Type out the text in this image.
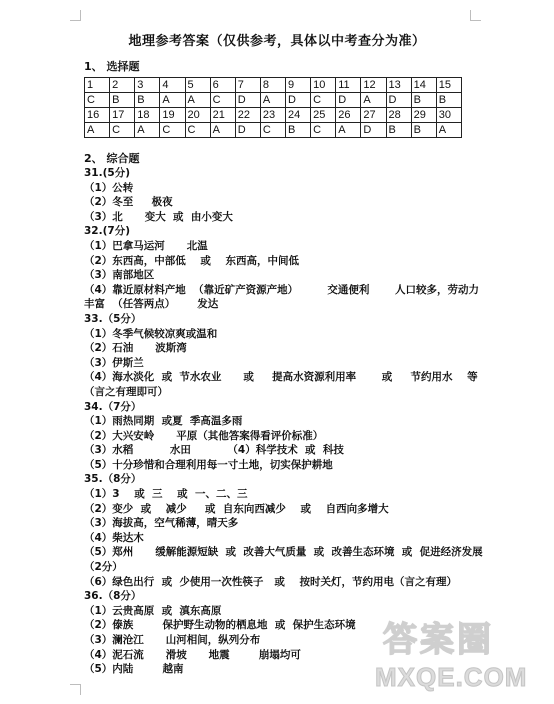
地理参考答案（仅供参考，具体以中考查分为准）
1、 选择题
1	2	3	4	5	6	7	8	9	10	11	12	13	14	15
C	B	B	A	A	C	D	A	D	C	D	A	D	B	B
16	17	18	19	20	21	22	23	24	25	26	27	28	29	30
A	C	A	C	C	A	D	C	B	C	A	D	B	B	A
2、 综合题
31.(5分)
（1）公转
（2）冬至     极夜
（3）北      变大  或  由小变大
32.(7分)
（1）巴拿马运河      北温
（2）东西高，中部低    或    东西高，中间低
（3）南部地区
（4）靠近原材料产地  （靠近矿产资源产地）        交通便利       人口较多，劳动力丰富  （任答两点）      发达
33.（5分）
（1）冬季气候较凉爽或温和
（2）石油      波斯湾
（3）伊斯兰
（4）海水淡化  或  节水农业      或     提高水资源利用率       或     节约用水    等（言之有理即可）
34.（7分）
（1）雨热同期  或夏  季高温多雨
（2）大兴安岭      平原（其他答案得看评价标准）
（3）水稻          水田          （4）科学技术  或  科技
（5）十分珍惜和合理利用每一寸土地，切实保护耕地
35.（8分）
（1）3    或  三    或  一、二、三
（2）变少  或    减少     或  自东向西减少    或    自西向多增大
（3）海拔高，空气稀薄，晴天多
（4）柴达木
（5）郑州      缓解能源短缺  或  改善大气质量  或  改善生态环境  或  促进经济发展（2分）
（6）绿色出行  或  少使用一次性筷子   或    按时关灯，节约用电（言之有理）
36.（8分）
（1）云贵高原  或  滇东高原
（2）傣族        保护野生动物的栖息地  或  保护生态环境
（3）澜沧江      山河相间，纵列分布
（4）泥石流      滑坡      地震        崩塌均可
（5）内陆        越南
答案圈
MXQE.COM
